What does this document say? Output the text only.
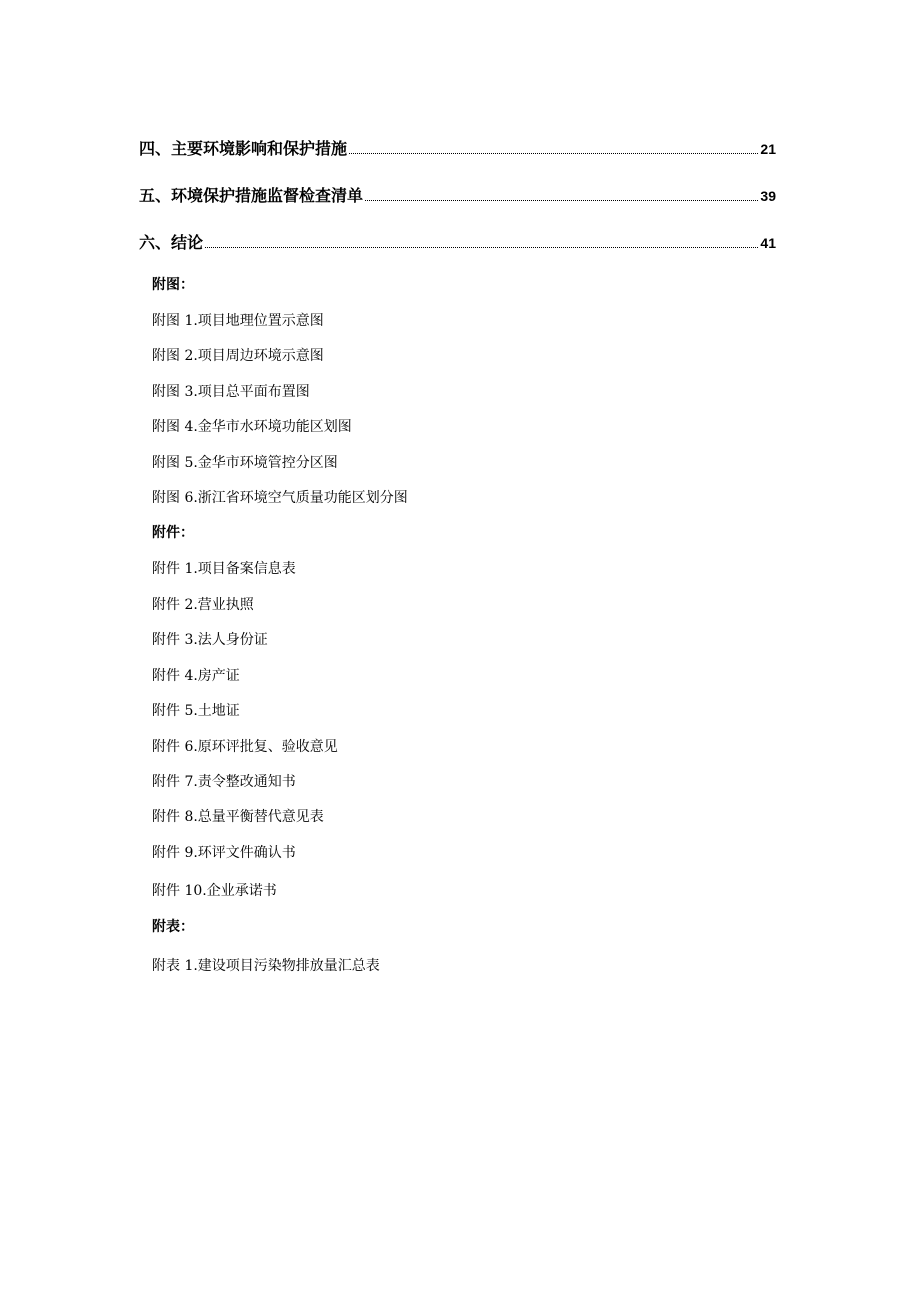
四、主要环境影响和保护措施	21
五、环境保护措施监督检查清单	39
六、结论	41
附图：
附图 1.项目地理位置示意图
附图 2.项目周边环境示意图
附图 3.项目总平面布置图
附图 4.金华市水环境功能区划图
附图 5.金华市环境管控分区图
附图 6.浙江省环境空气质量功能区划分图
附件：
附件 1.项目备案信息表
附件 2.营业执照
附件 3.法人身份证
附件 4.房产证
附件 5.土地证
附件 6.原环评批复、验收意见
附件 7.责令整改通知书
附件 8.总量平衡替代意见表
附件 9.环评文件确认书
附件 10.企业承诺书
附表：
附表 1.建设项目污染物排放量汇总表
